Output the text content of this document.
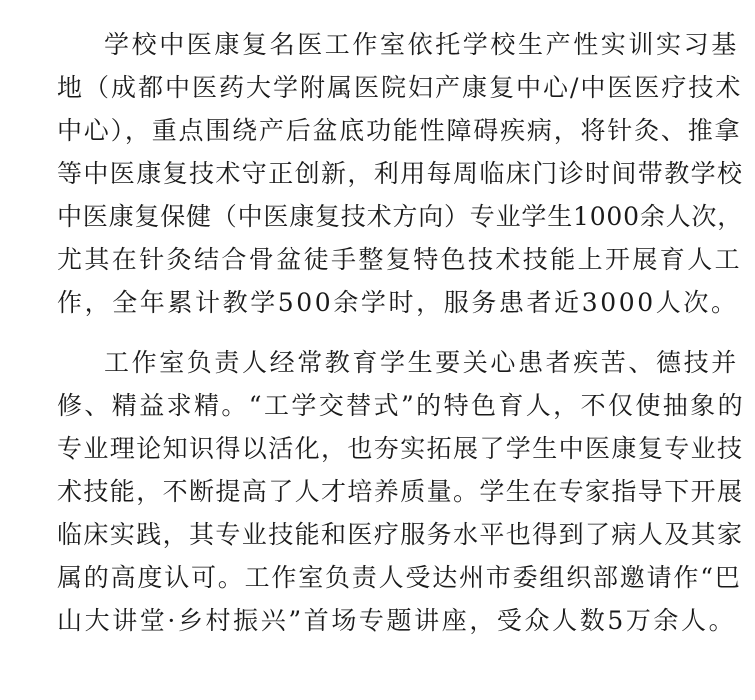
学校中医康复名医工作室依托学校生产性实训实习基
地（成都中医药大学附属医院妇产康复中心/中医医疗技术
中心），重点围绕产后盆底功能性障碍疾病，将针灸、推拿
等中医康复技术守正创新，利用每周临床门诊时间带教学校
中医康复保健（中医康复技术方向）专业学生1000余人次，
尤其在针灸结合骨盆徒手整复特色技术技能上开展育人工
作，全年累计教学500余学时，服务患者近3000人次。
工作室负责人经常教育学生要关心患者疾苦、德技并
修、精益求精。“工学交替式”的特色育人，不仅使抽象的
专业理论知识得以活化，也夯实拓展了学生中医康复专业技
术技能，不断提高了人才培养质量。学生在专家指导下开展
临床实践，其专业技能和医疗服务水平也得到了病人及其家
属的高度认可。工作室负责人受达州市委组织部邀请作“巴
山大讲堂·乡村振兴”首场专题讲座，受众人数5万余人。
